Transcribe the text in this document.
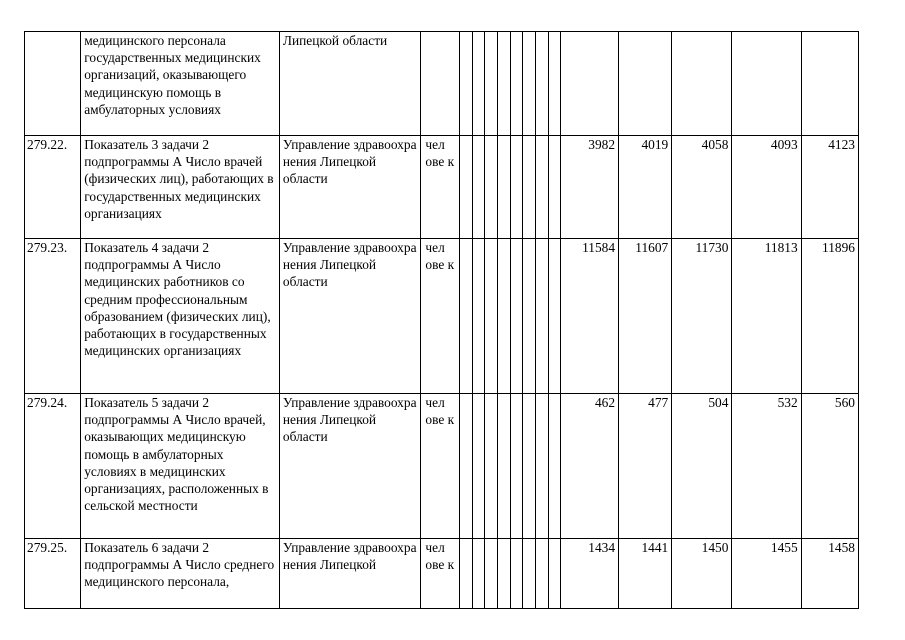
	медицинского персонала государственных медицинских организаций, оказывающего медицинскую помощь в амбулаторных условиях	Липецкой области														
279.22.	Показатель 3 задачи 2 подпрограммы А Число врачей (физических лиц), работающих в государственных медицинских организациях	Управление здравоохра нения Липецкой области	чел ове к									3982	4019	4058	4093	4123
279.23.	Показатель 4 задачи 2 подпрограммы А Число медицинских работников со средним профессиональным образованием (физических лиц), работающих в государственных медицинских организациях	Управление здравоохра нения Липецкой области	чел ове к									11584	11607	11730	11813	11896
279.24.	Показатель 5 задачи 2 подпрограммы А Число врачей, оказывающих медицинскую помощь в амбулаторных условиях в медицинских организациях, расположенных в сельской местности	Управление здравоохра нения Липецкой области	чел ове к									462	477	504	532	560
279.25.	Показатель 6 задачи 2 подпрограммы А Число среднего медицинского персонала,	Управление здравоохра нения Липецкой	чел ове к									1434	1441	1450	1455	1458
